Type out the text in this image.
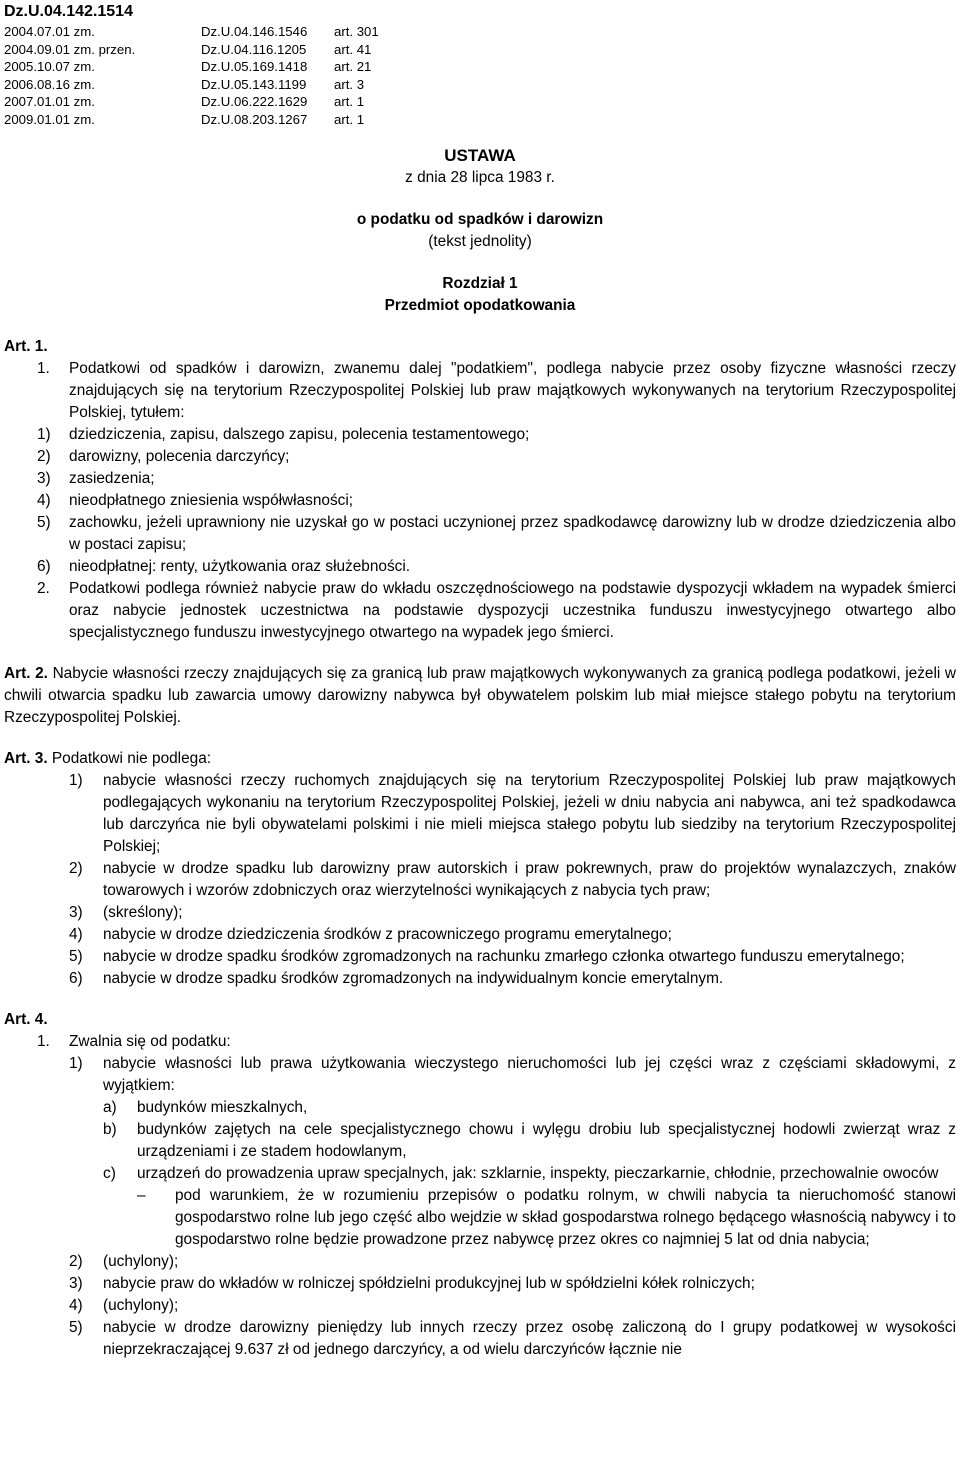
Dz.U.04.142.1514
2004.07.01 zm.	Dz.U.04.146.1546	art. 301
2004.09.01 zm. przen.	Dz.U.04.116.1205	art. 41
2005.10.07 zm.	Dz.U.05.169.1418	art. 21
2006.08.16 zm.	Dz.U.05.143.1199	art. 3
2007.01.01 zm.	Dz.U.06.222.1629	art. 1
2009.01.01 zm.	Dz.U.08.203.1267	art. 1
USTAWA
z dnia 28 lipca 1983 r.
o podatku od spadków i darowizn
(tekst jednolity)
Rozdział 1
Przedmiot opodatkowania
Art. 1.
1.	Podatkowi od spadków i darowizn, zwanemu dalej "podatkiem", podlega nabycie przez osoby fizyczne własności rzeczy znajdujących się na terytorium Rzeczypospolitej Polskiej lub praw majątkowych wykonywanych na terytorium Rzeczypospolitej Polskiej, tytułem:
1)	dziedziczenia, zapisu, dalszego zapisu, polecenia testamentowego;
2)	darowizny, polecenia darczyńcy;
3)	zasiedzenia;
4)	nieodpłatnego zniesienia współwłasności;
5)	zachowku, jeżeli uprawniony nie uzyskał go w postaci uczynionej przez spadkodawcę darowizny lub w drodze dziedziczenia albo w postaci zapisu;
6)	nieodpłatnej: renty, użytkowania oraz służebności.
2.	Podatkowi podlega również nabycie praw do wkładu oszczędnościowego na podstawie dyspozycji wkładem na wypadek śmierci oraz nabycie jednostek uczestnictwa na podstawie dyspozycji uczestnika funduszu inwestycyjnego otwartego albo specjalistycznego funduszu inwestycyjnego otwartego na wypadek jego śmierci.
Art. 2. Nabycie własności rzeczy znajdujących się za granicą lub praw majątkowych wykonywanych za granicą podlega podatkowi, jeżeli w chwili otwarcia spadku lub zawarcia umowy darowizny nabywca był obywatelem polskim lub miał miejsce stałego pobytu na terytorium Rzeczypospolitej Polskiej.
Art. 3. Podatkowi nie podlega:
1)	nabycie własności rzeczy ruchomych znajdujących się na terytorium Rzeczypospolitej Polskiej lub praw majątkowych podlegających wykonaniu na terytorium Rzeczypospolitej Polskiej, jeżeli w dniu nabycia ani nabywca, ani też spadkodawca lub darczyńca nie byli obywatelami polskimi i nie mieli miejsca stałego pobytu lub siedziby na terytorium Rzeczypospolitej Polskiej;
2)	nabycie w drodze spadku lub darowizny praw autorskich i praw pokrewnych, praw do projektów wynalazczych, znaków towarowych i wzorów zdobniczych oraz wierzytelności wynikających z nabycia tych praw;
3)	(skreślony);
4)	nabycie w drodze dziedziczenia środków z pracowniczego programu emerytalnego;
5)	nabycie w drodze spadku środków zgromadzonych na rachunku zmarłego członka otwartego funduszu emerytalnego;
6)	nabycie w drodze spadku środków zgromadzonych na indywidualnym koncie emerytalnym.
Art. 4.
1.	Zwalnia się od podatku:
1)	nabycie własności lub prawa użytkowania wieczystego nieruchomości lub jej części wraz z częściami składowymi, z wyjątkiem:
a)	budynków mieszkalnych,
b)	budynków zajętych na cele specjalistycznego chowu i wylęgu drobiu lub specjalistycznej hodowli zwierząt wraz z urządzeniami i ze stadem hodowlanym,
c)	urządzeń do prowadzenia upraw specjalnych, jak: szklarnie, inspekty, pieczarkarnie, chłodnie, przechowalnie owoców
–	pod warunkiem, że w rozumieniu przepisów o podatku rolnym, w chwili nabycia ta nieruchomość stanowi gospodarstwo rolne lub jego część albo wejdzie w skład gospodarstwa rolnego będącego własnością nabywcy i to gospodarstwo rolne będzie prowadzone przez nabywcę przez okres co najmniej 5 lat od dnia nabycia;
2)	(uchylony);
3)	nabycie praw do wkładów w rolniczej spółdzielni produkcyjnej lub w spółdzielni kółek rolniczych;
4)	(uchylony);
5)	nabycie w drodze darowizny pieniędzy lub innych rzeczy przez osobę zaliczoną do I grupy podatkowej w wysokości nieprzekraczającej 9.637 zł od jednego darczyńcy, a od wielu darczyńców łącznie nie
